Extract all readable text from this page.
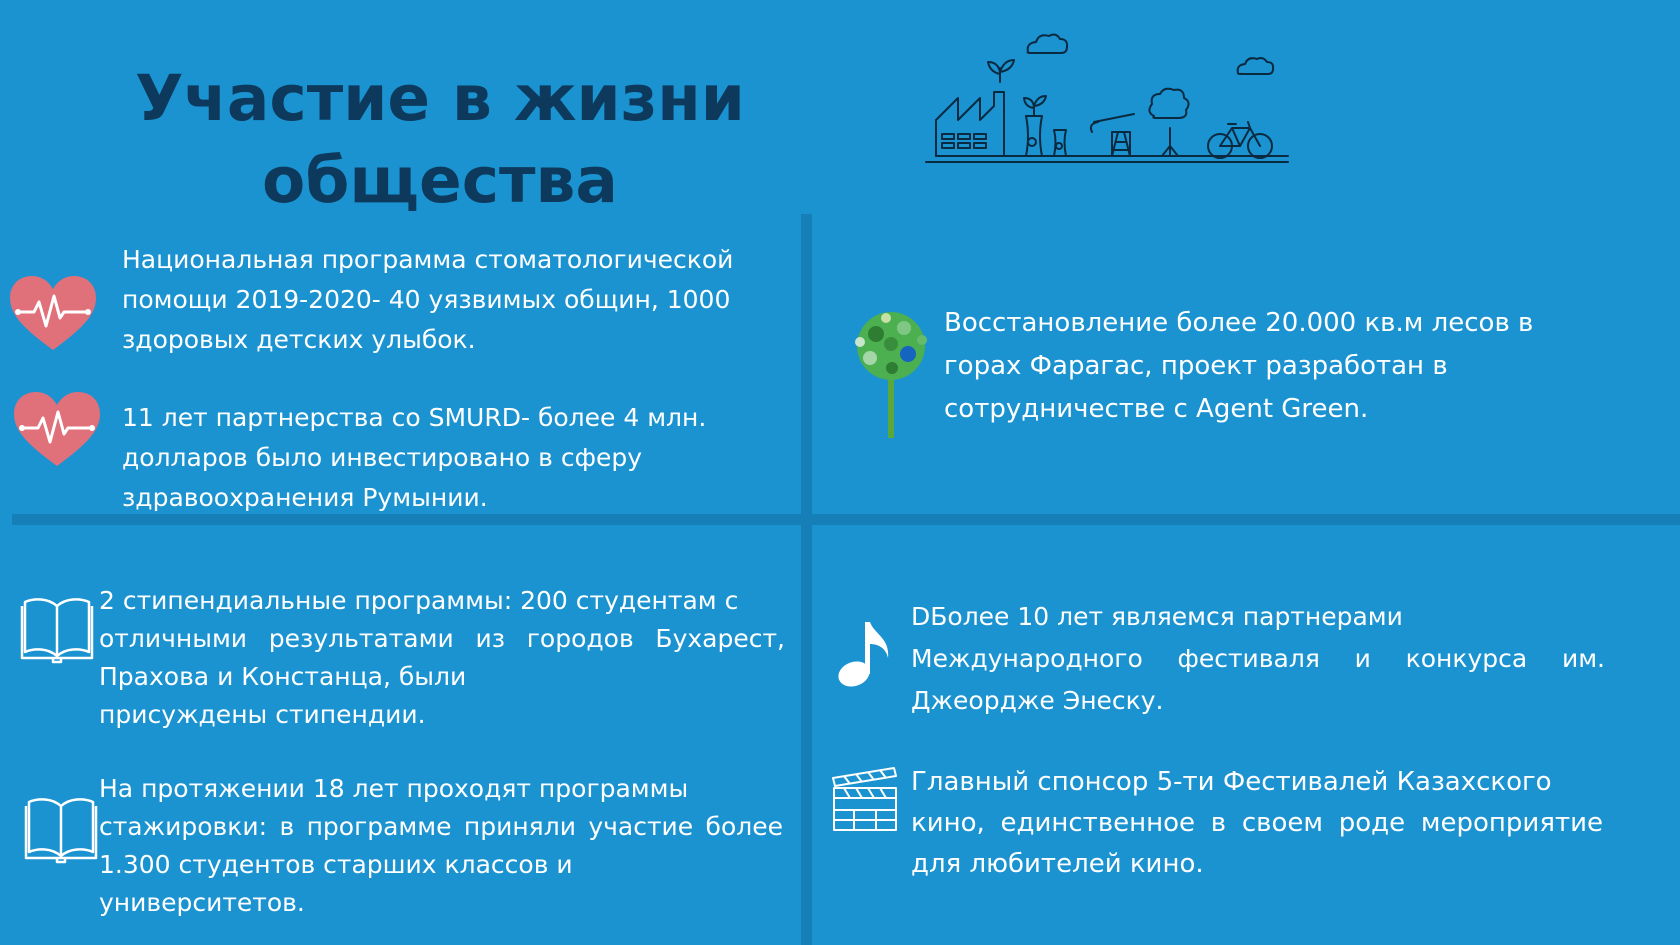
Участие в жизни
общества
Национальная программа стоматологической
помощи 2019-2020- 40 уязвимых общин, 1000
здоровых детских улыбок.
11 лет партнерства со SMURD- более 4 млн.
долларов было инвестировано в сферу
здравоохранения Румынии.
Восстановление более 20.000 кв.м лесов в
горах Фарагас, проект разработан в
сотрудничестве с Agent Green.
2 стипендиальные программы: 200 студентам с
отличными результатами из городов Бухарест,
Прахова и Констанца, были
присуждены стипендии.
На протяжении 18 лет проходят программы
стажировки: в программе приняли участие более
1.300 студентов старших классов и
университетов.
DБолее 10 лет являемся партнерами
Международного фестиваля и конкурса им.
Джеордже Энеску.
Главный спонсор 5-ти Фестивалей Казахского
кино, единственное в своем роде мероприятие
для любителей кино.
